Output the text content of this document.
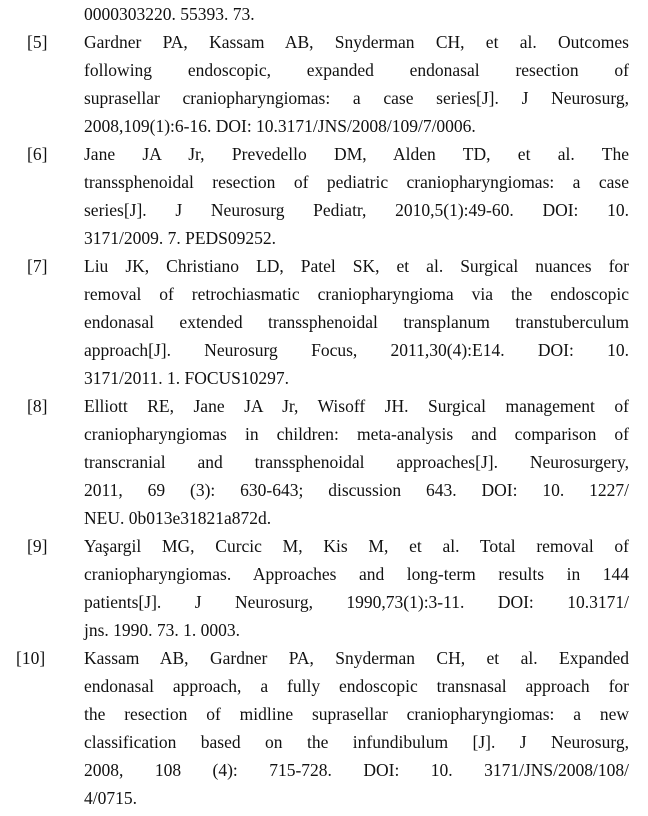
0000303220. 55393. 73.
[5] Gardner PA, Kassam AB, Snyderman CH, et al. Outcomes
following endoscopic, expanded endonasal resection of
suprasellar craniopharyngiomas: a case series[J]. J Neurosurg,
2008,109(1):6-16. DOI: 10.3171/JNS/2008/109/7/0006.
[6] Jane JA Jr, Prevedello DM, Alden TD, et al. The
transsphenoidal resection of pediatric craniopharyngiomas: a case
series[J]. J Neurosurg Pediatr, 2010,5(1):49-60. DOI: 10.
3171/2009. 7. PEDS09252.
[7] Liu JK, Christiano LD, Patel SK, et al. Surgical nuances for
removal of retrochiasmatic craniopharyngioma via the endoscopic
endonasal extended transsphenoidal transplanum transtuberculum
approach[J]. Neurosurg Focus, 2011,30(4):E14. DOI: 10.
3171/2011. 1. FOCUS10297.
[8] Elliott RE, Jane JA Jr, Wisoff JH. Surgical management of
craniopharyngiomas in children: meta-analysis and comparison of
transcranial and transsphenoidal approaches[J]. Neurosurgery,
2011, 69 (3): 630-643; discussion 643. DOI: 10. 1227/
NEU. 0b013e31821a872d.
[9] Yaşargil MG, Curcic M, Kis M, et al. Total removal of
craniopharyngiomas. Approaches and long-term results in 144
patients[J]. J Neurosurg, 1990,73(1):3-11. DOI: 10.3171/
jns. 1990. 73. 1. 0003.
[10] Kassam AB, Gardner PA, Snyderman CH, et al. Expanded
endonasal approach, a fully endoscopic transnasal approach for
the resection of midline suprasellar craniopharyngiomas: a new
classification based on the infundibulum [J]. J Neurosurg,
2008, 108 (4): 715-728. DOI: 10. 3171/JNS/2008/108/
4/0715.
